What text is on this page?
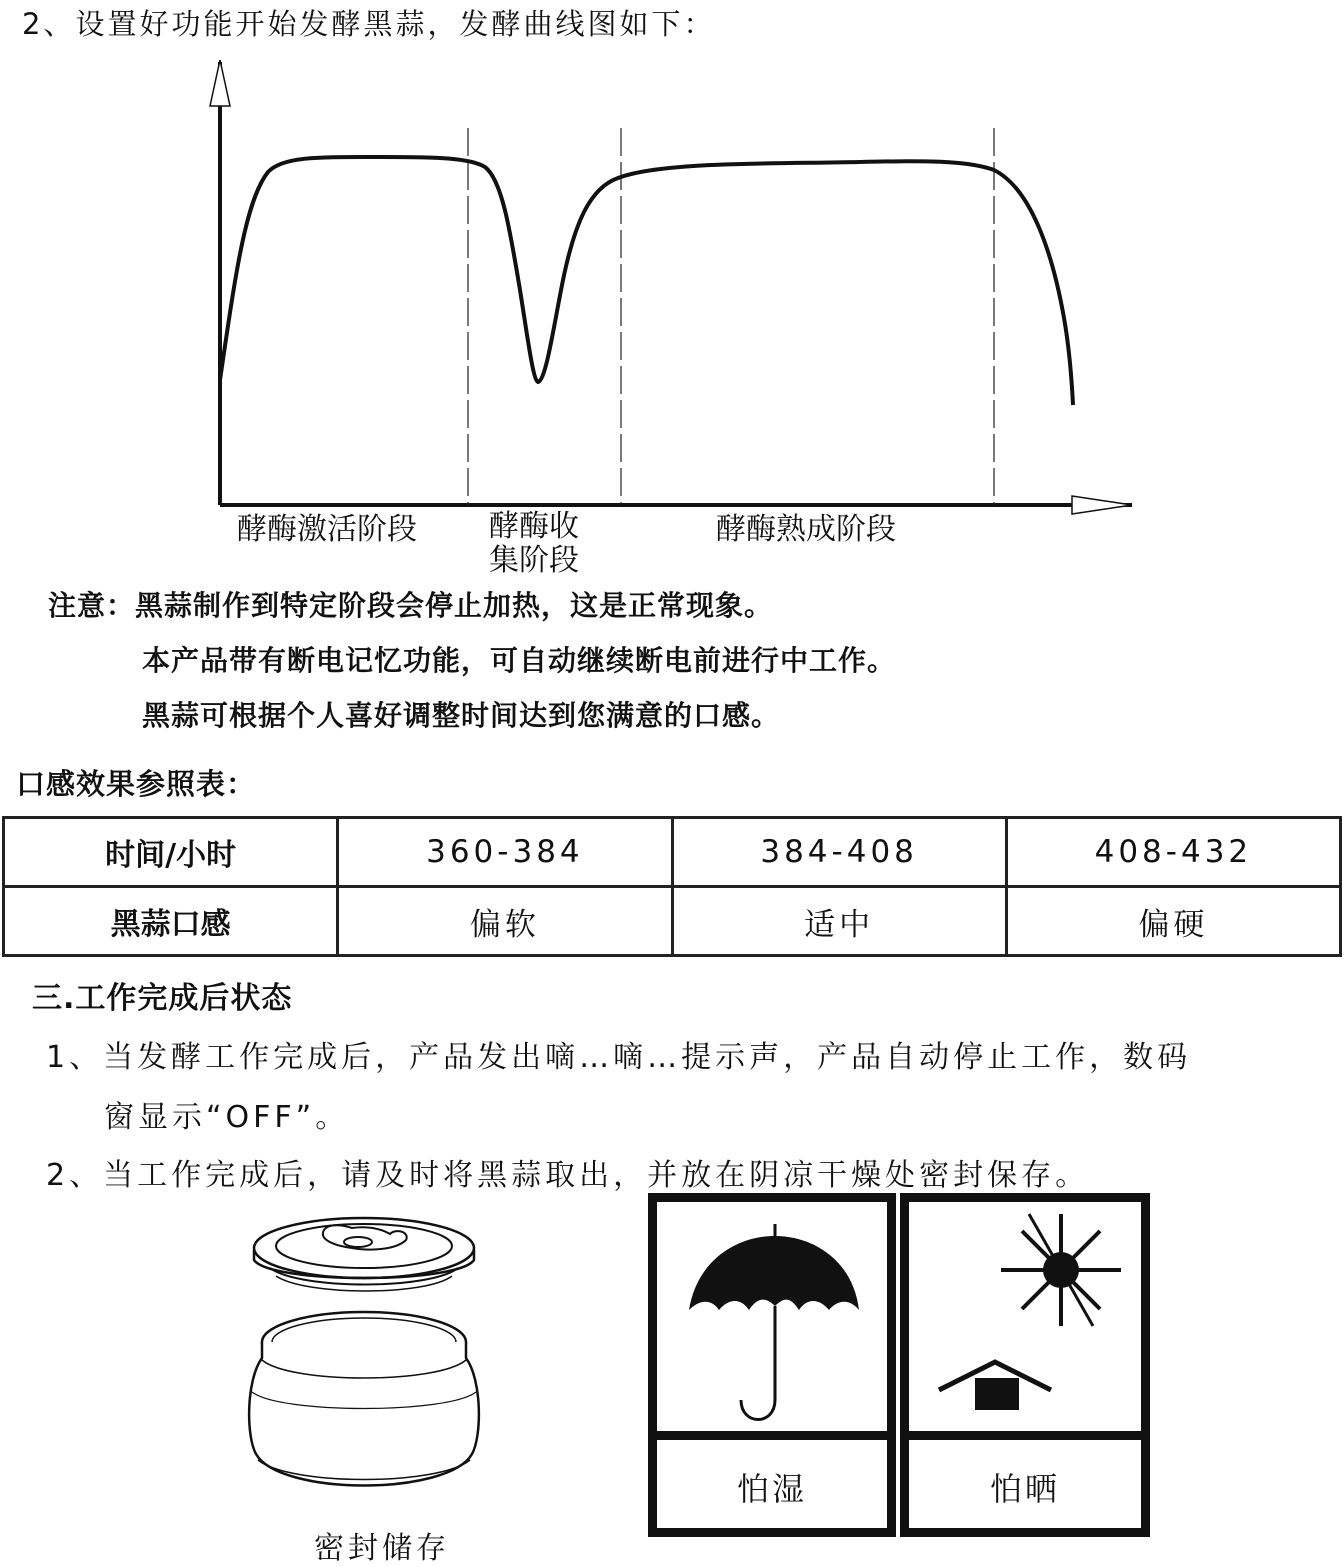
2、设置好功能开始发酵黑蒜，发酵曲线图如下：
酵酶激活阶段 酵酶收
集阶段
酵酶熟成阶段
注意：黑蒜制作到特定阶段会停止加热，这是正常现象。
本产品带有断电记忆功能，可自动继续断电前进行中工作。
黑蒜可根据个人喜好调整时间达到您满意的口感。
口感效果参照表：
时间/小时	360-384	384-408	408-432
黑蒜口感	偏软	适中	偏硬
三.工作完成后状态
1、当发酵工作完成后，产品发出嘀…嘀…提示声，产品自动停止工作，数码
窗显示“OFF”。
2、当工作完成后，请及时将黑蒜取出，并放在阴凉干燥处密封保存。
密封储存
怕湿	怕晒
